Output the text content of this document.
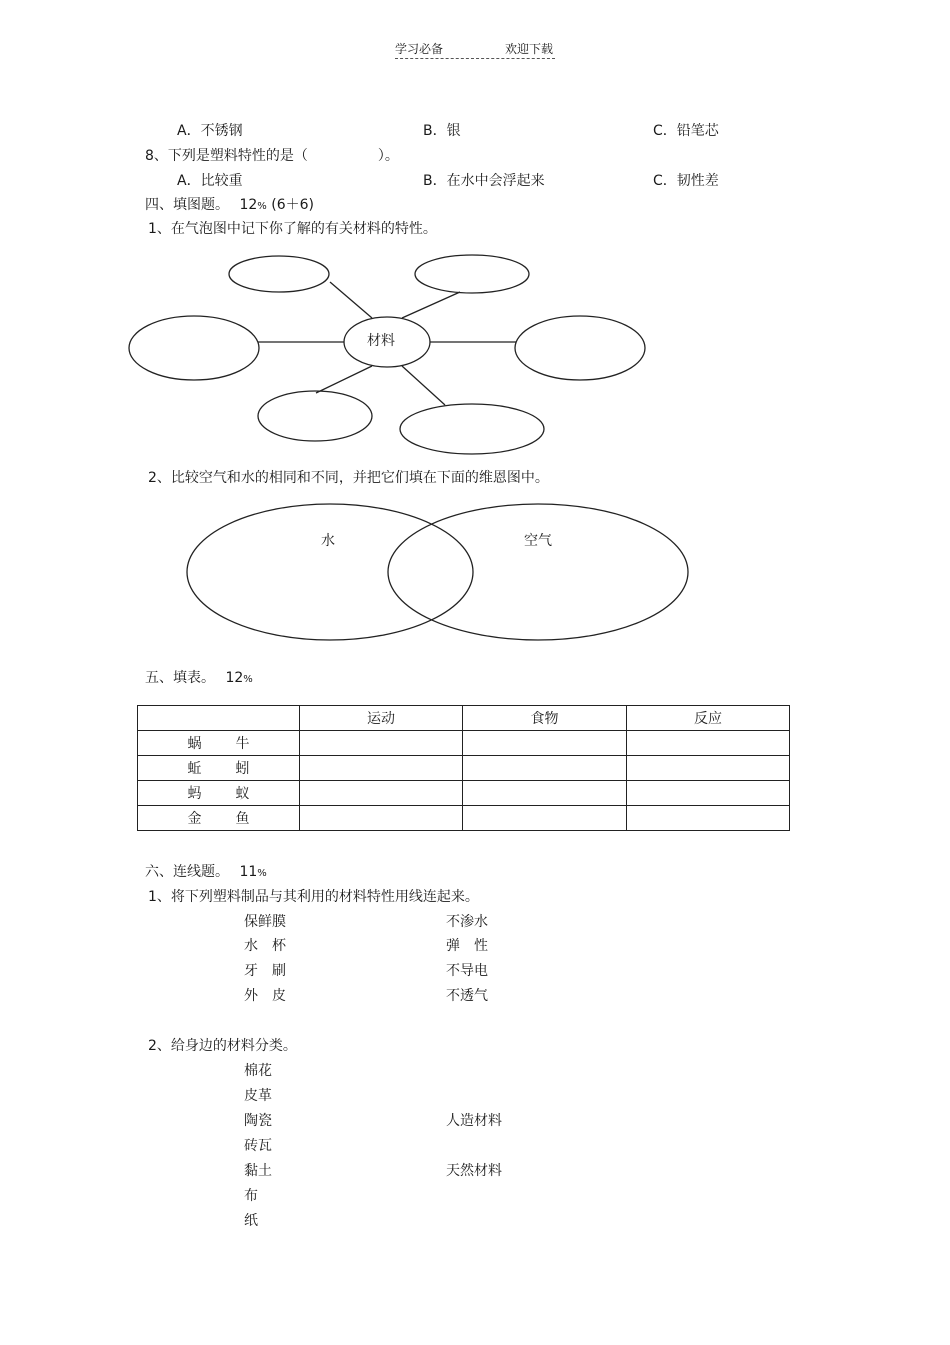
学习必备	欢迎下载
A．不锈钢	B．银	C．铅笔芯
8、下列是塑料特性的是（　　　　　）。
A．比较重	B．在水中会浮起来	C．韧性差
四、填图题。 12% (6＋6)
1、在气泡图中记下你了解的有关材料的特性。
材料
2、比较空气和水的相同和不同，并把它们填在下面的维恩图中。
水	空气
五、填表。 12%
	运动	食物	反应
蜗 牛			
蚯 蚓			
蚂 蚁			
金 鱼			
六、连线题。 11%
1、将下列塑料制品与其利用的材料特性用线连起来。
保鲜膜
水　杯
牙　刷
外　皮
不渗水
弹　性
不导电
不透气
2、给身边的材料分类。
棉花
皮革
陶瓷
砖瓦
黏土
布
纸
人造材料
天然材料
